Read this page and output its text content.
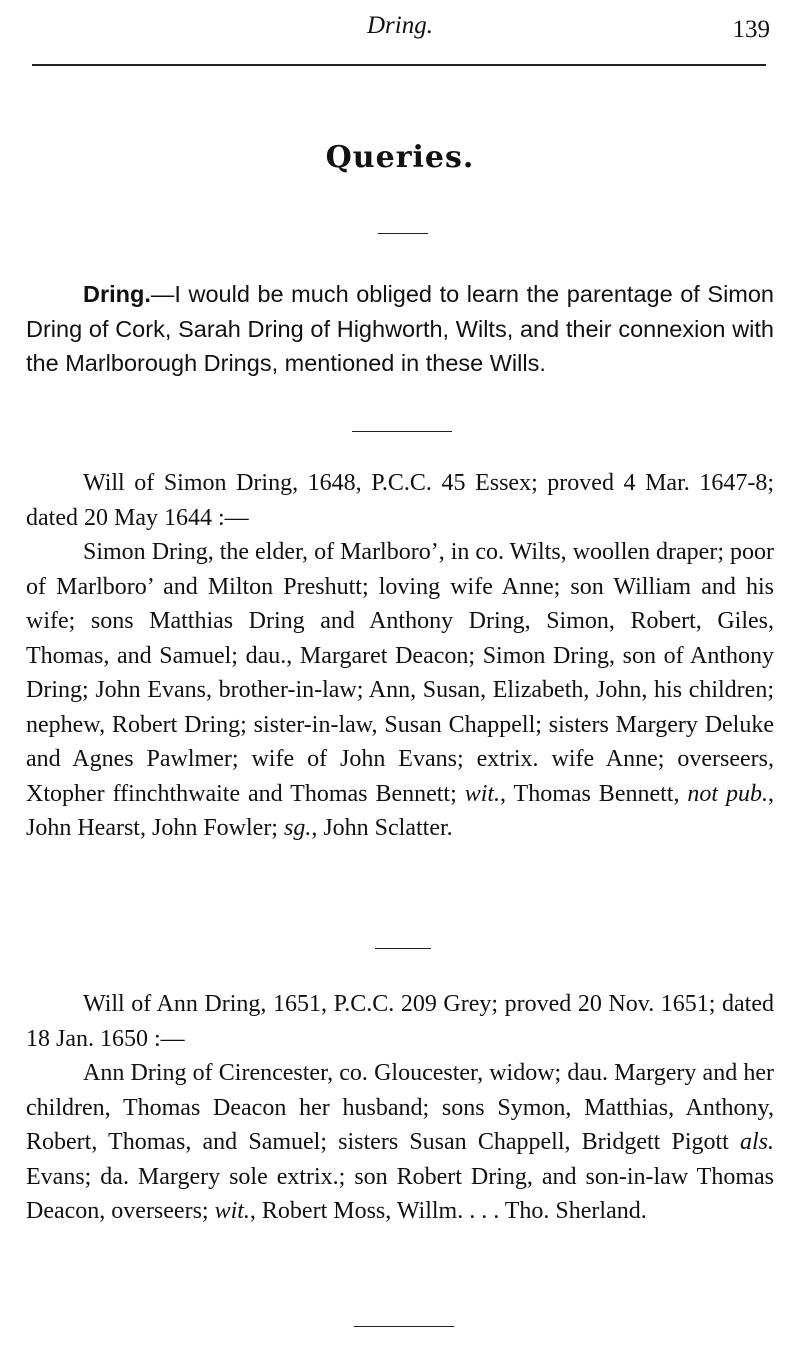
Dring.	139
Queries.

Dring.—I would be much obliged to learn the parentage of Simon Dring of Cork, Sarah Dring of Highworth, Wilts, and their connexion with the Marlborough Drings, mentioned in these Wills.

Will of Simon Dring, 1648, P.C.C. 45 Essex; proved 4 Mar. 1647-8; dated 20 May 1644 :—

Simon Dring, the elder, of Marlboro’, in co. Wilts, woollen draper; poor of Marlboro’ and Milton Preshutt; loving wife Anne; son William and his wife; sons Matthias Dring and Anthony Dring, Simon, Robert, Giles, Thomas, and Samuel; dau., Margaret Deacon; Simon Dring, son of Anthony Dring; John Evans, brother-in-law; Ann, Susan, Elizabeth, John, his children; nephew, Robert Dring; sister-in-law, Susan Chappell; sisters Margery Deluke and Agnes Pawlmer; wife of John Evans; extrix. wife Anne; overseers, Xtopher ffinchthwaite and Thomas Bennett; wit., Thomas Bennett, not pub., John Hearst, John Fowler; sg., John Sclatter.

Will of Ann Dring, 1651, P.C.C. 209 Grey; proved 20 Nov. 1651; dated 18 Jan. 1650 :—

Ann Dring of Cirencester, co. Gloucester, widow; dau. Margery and her children, Thomas Deacon her husband; sons Symon, Matthias, Anthony, Robert, Thomas, and Samuel; sisters Susan Chappell, Bridgett Pigott als. Evans; da. Margery sole extrix.; son Robert Dring, and son-in-law Thomas Deacon, overseers; wit., Robert Moss, Willm. . . . Tho. Sherland.
